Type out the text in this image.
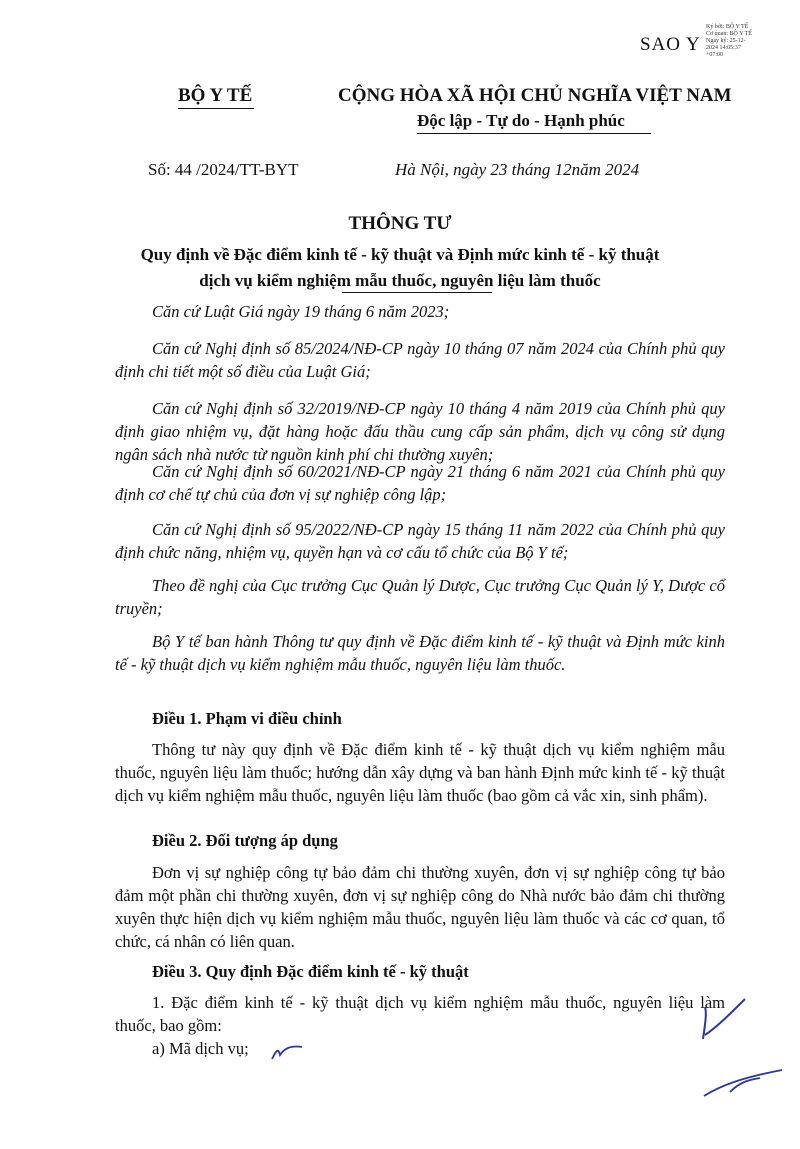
SAO Y
Ký bởi: BỘ Y TẾ
Cơ quan: BỘ Y TẾ
Ngày ký: 25-12-
2024 14:05:37
+07:00
BỘ Y TẾ	CỘNG HÒA XÃ HỘI CHỦ NGHĨA VIỆT NAM
Độc lập - Tự do - Hạnh phúc
Số: 44 /2024/TT-BYT	Hà Nội, ngày 23 tháng 12năm 2024
THÔNG TƯ
Quy định về Đặc điểm kinh tế - kỹ thuật và Định mức kinh tế - kỹ thuật
dịch vụ kiểm nghiệm mẫu thuốc, nguyên liệu làm thuốc

Căn cứ Luật Giá ngày 19 tháng 6 năm 2023;

Căn cứ Nghị định số 85/2024/NĐ-CP ngày 10 tháng 07 năm 2024 của Chính phủ quy định chi tiết một số điều của Luật Giá;

Căn cứ Nghị định số 32/2019/NĐ-CP ngày 10 tháng 4 năm 2019 của Chính phủ quy định giao nhiệm vụ, đặt hàng hoặc đấu thầu cung cấp sản phẩm, dịch vụ công sử dụng ngân sách nhà nước từ nguồn kinh phí chi thường xuyên;

Căn cứ Nghị định số 60/2021/NĐ-CP ngày 21 tháng 6 năm 2021 của Chính phủ quy định cơ chế tự chủ của đơn vị sự nghiệp công lập;

Căn cứ Nghị định số 95/2022/NĐ-CP ngày 15 tháng 11 năm 2022 của Chính phủ quy định chức năng, nhiệm vụ, quyền hạn và cơ cấu tổ chức của Bộ Y tế;

Theo đề nghị của Cục trưởng Cục Quản lý Dược, Cục trưởng Cục Quản lý Y, Dược cổ truyền;

Bộ Y tế ban hành Thông tư quy định về Đặc điểm kinh tế - kỹ thuật và Định mức kinh tế - kỹ thuật dịch vụ kiểm nghiệm mẫu thuốc, nguyên liệu làm thuốc.

Điều 1. Phạm vi điều chỉnh

Thông tư này quy định về Đặc điểm kinh tế - kỹ thuật dịch vụ kiểm nghiệm mẫu thuốc, nguyên liệu làm thuốc; hướng dẫn xây dựng và ban hành Định mức kinh tế - kỹ thuật dịch vụ kiểm nghiệm mẫu thuốc, nguyên liệu làm thuốc (bao gồm cả vắc xin, sinh phẩm).

Điều 2. Đối tượng áp dụng

Đơn vị sự nghiệp công tự bảo đảm chi thường xuyên, đơn vị sự nghiệp công tự bảo đảm một phần chi thường xuyên, đơn vị sự nghiệp công do Nhà nước bảo đảm chi thường xuyên thực hiện dịch vụ kiểm nghiệm mẫu thuốc, nguyên liệu làm thuốc và các cơ quan, tổ chức, cá nhân có liên quan.

Điều 3. Quy định Đặc điểm kinh tế - kỹ thuật

1. Đặc điểm kinh tế - kỹ thuật dịch vụ kiểm nghiệm mẫu thuốc, nguyên liệu làm thuốc, bao gồm:

a) Mã dịch vụ;
